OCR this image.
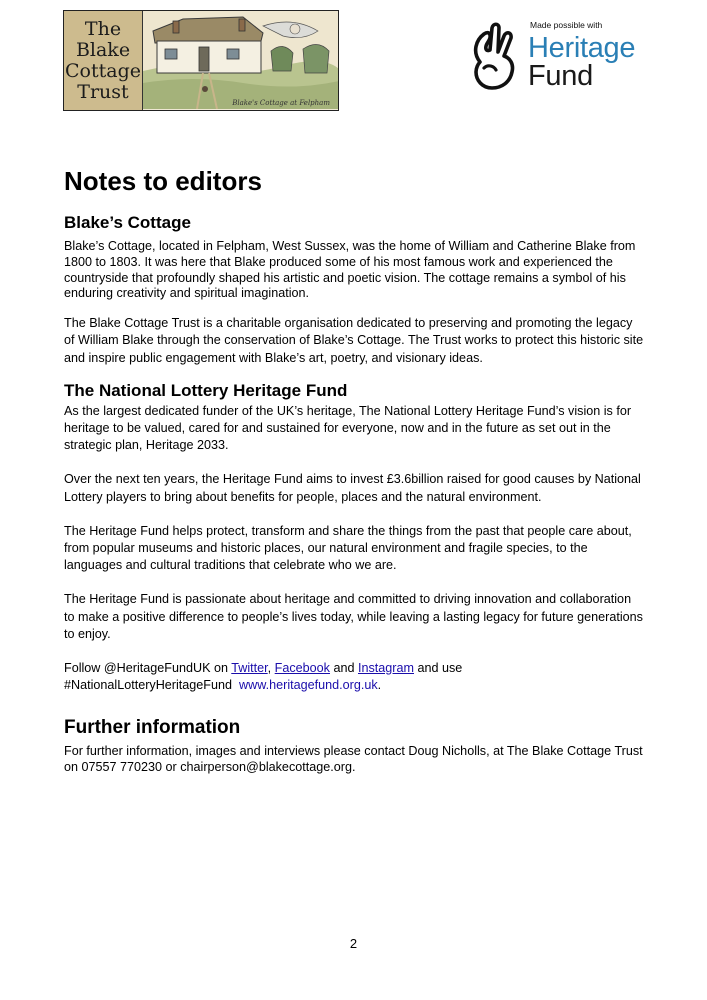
The
Blake
Cottage
Trust
Blake's Cottage at Felpham
Made possible with
Heritage
Fund
Notes to editors
Blake’s Cottage

Blake’s Cottage, located in Felpham, West Sussex, was the home of William and Catherine Blake from 1800 to 1803. It was here that Blake produced some of his most famous work and experienced the countryside that profoundly shaped his artistic and poetic vision. The cottage remains a symbol of his enduring creativity and spiritual imagination.

The Blake Cottage Trust is a charitable organisation dedicated to preserving and promoting the legacy of William Blake through the conservation of Blake’s Cottage. The Trust works to protect this historic site and inspire public engagement with Blake’s art, poetry, and visionary ideas.

The National Lottery Heritage Fund

As the largest dedicated funder of the UK’s heritage, The National Lottery Heritage Fund’s vision is for heritage to be valued, cared for and sustained for everyone, now and in the future as set out in the strategic plan, Heritage 2033.

Over the next ten years, the Heritage Fund aims to invest £3.6billion raised for good causes by National Lottery players to bring about benefits for people, places and the natural environment.

The Heritage Fund helps protect, transform and share the things from the past that people care about, from popular museums and historic places, our natural environment and fragile species, to the languages and cultural traditions that celebrate who we are.

The Heritage Fund is passionate about heritage and committed to driving innovation and collaboration to make a positive difference to people’s lives today, while leaving a lasting legacy for future generations to enjoy.

Follow @HeritageFundUK on Twitter, Facebook and Instagram and use
#NationalLotteryHeritageFund www.heritagefund.org.uk.

Further information

For further information, images and interviews please contact Doug Nicholls, at The Blake Cottage Trust on 07557 770230 or chairperson@blakecottage.org.

2
